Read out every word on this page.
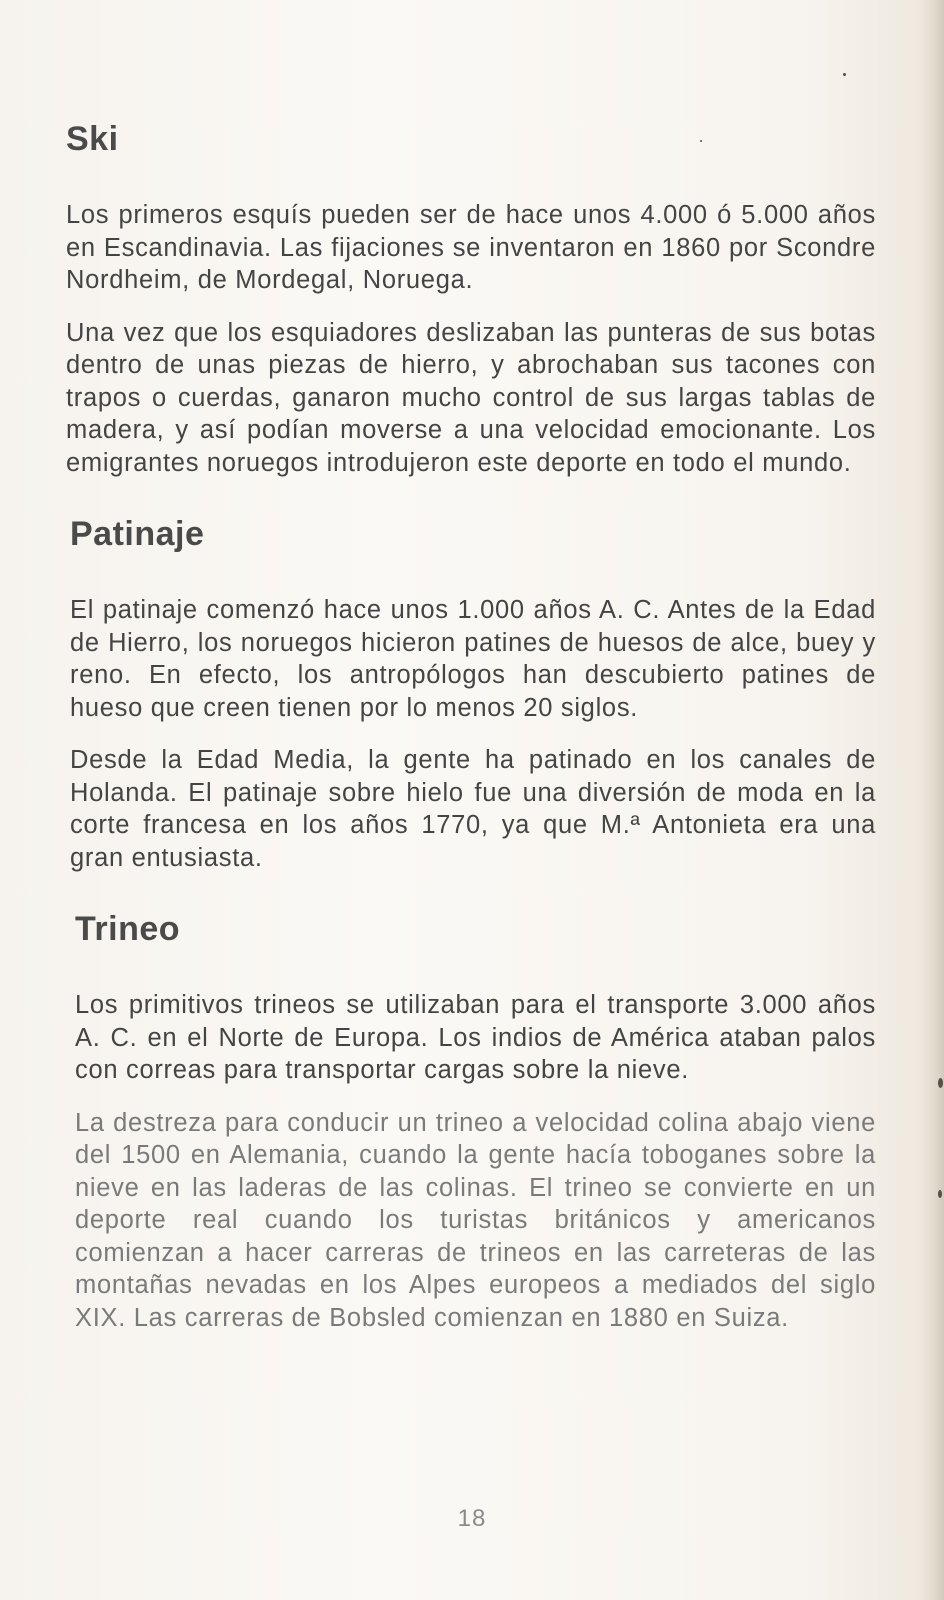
Ski

Los primeros esquís pueden ser de hace unos 4.000 ó 5.000 años en Escandinavia. Las fijaciones se inventaron en 1860 por Scondre Nordheim, de Mordegal, Noruega.

Una vez que los esquiadores deslizaban las punteras de sus botas dentro de unas piezas de hierro, y abrochaban sus tacones con trapos o cuerdas, ganaron mucho control de sus largas tablas de madera, y así podían moverse a una velocidad emocionante. Los emigrantes noruegos introdujeron este deporte en todo el mundo.

Patinaje

El patinaje comenzó hace unos 1.000 años A. C. Antes de la Edad de Hierro, los noruegos hicieron patines de huesos de alce, buey y reno. En efecto, los antropólogos han descubierto patines de hueso que creen tienen por lo menos 20 siglos.

Desde la Edad Media, la gente ha patinado en los canales de Holanda. El patinaje sobre hielo fue una diversión de moda en la corte francesa en los años 1770, ya que M.ª Antonieta era una gran entusiasta.

Trineo

Los primitivos trineos se utilizaban para el transporte 3.000 años A. C. en el Norte de Europa. Los indios de América ataban palos con correas para transportar cargas sobre la nieve.

La destreza para conducir un trineo a velocidad colina abajo viene del 1500 en Alemania, cuando la gente hacía toboganes sobre la nieve en las laderas de las colinas. El trineo se convierte en un deporte real cuando los turistas británicos y americanos comienzan a hacer carreras de trineos en las carreteras de las montañas nevadas en los Alpes europeos a mediados del siglo XIX. Las carreras de Bobsled comienzan en 1880 en Suiza.

18
